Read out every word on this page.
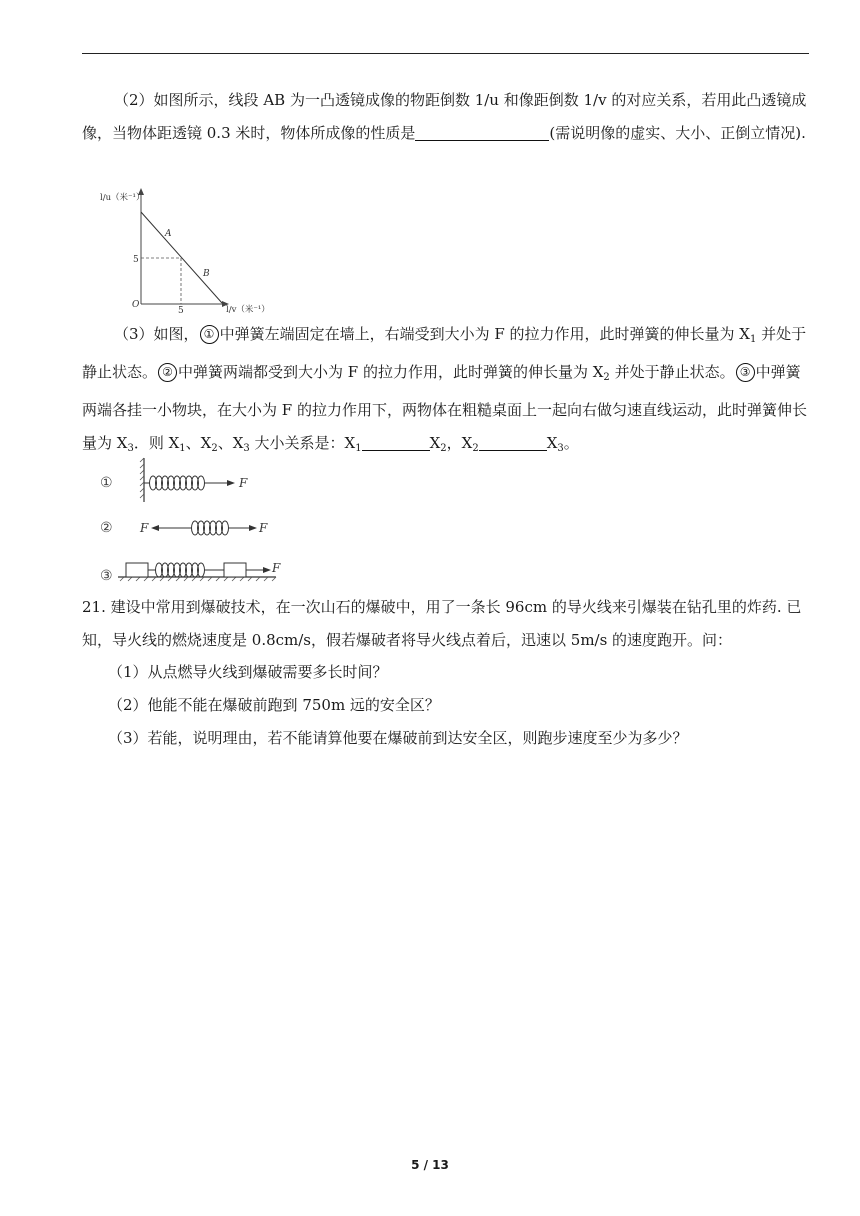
（2）如图所示，线段 AB 为一凸透镜成像的物距倒数 1/u 和像距倒数 1/v 的对应关系，若用此凸透镜成像，当物体距透镜 0.3 米时，物体所成像的性质是	(需说明像的虚实、大小、正倒立情况).

l/u（米⁻¹）
l/v（米⁻¹）
O
A
B
5
5

（3）如图， ① 中弹簧左端固定在墙上，右端受到大小为 F 的拉力作用，此时弹簧的伸长量为 $X_1$ 并处于静止状态。 ② 中弹簧两端都受到大小为 F 的拉力作用，此时弹簧的伸长量为 $X_2$ 并处于静止状态。 ③ 中弹簧两端各挂一小物块，在大小为 F 的拉力作用下，两物体在粗糙桌面上一起向右做匀速直线运动，此时弹簧伸长量为 $X_3$．则 $X_1$、$X_2$、$X_3$ 大小关系是：$X_1$	$X_2$，$X_2$	$X_3$。

①	F
② F	F
③	F

21. 建设中常用到爆破技术，在一次山石的爆破中，用了一条长 96cm 的导火线来引爆装在钻孔里的炸药. 已知，导火线的燃烧速度是 0.8cm/s，假若爆破者将导火线点着后，迅速以 5m/s 的速度跑开。问：

（1）从点燃导火线到爆破需要多长时间？
（2）他能不能在爆破前跑到 750m 远的安全区？
（3）若能，说明理由，若不能请算他要在爆破前到达安全区，则跑步速度至少为多少？
5 / 13
